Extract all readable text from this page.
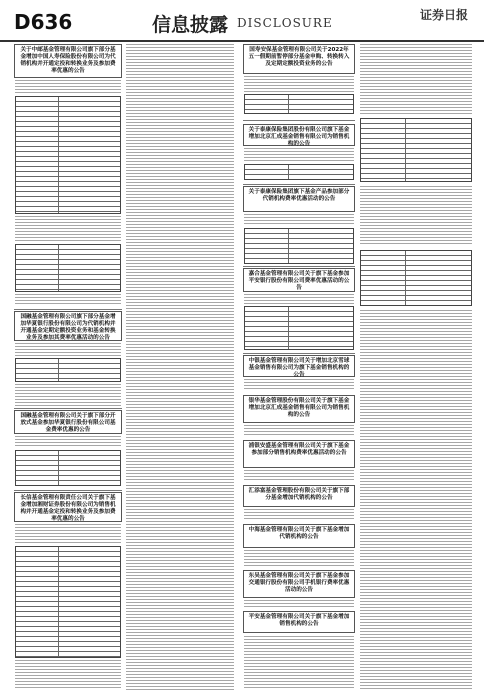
D636	信息披露 DISCLOSURE
证券日报
关于中邮基金管理有限公司旗下部分基金增加中国人寿保险股份有限公司为代销机构并开通定投和转换业务及参加费率优惠的公告
国融基金管理有限公司旗下部分基金增加华夏银行股份有限公司为代销机构并开通基金定期定额投资业务和基金转换业务及参加其费率优惠活动的公告
国融基金管理有限公司关于旗下部分开放式基金参加华夏银行股份有限公司基金费率优惠的公告
长信基金管理有限责任公司关于旗下基金增加湘财证券股份有限公司为销售机构并开通基金定投和转换业务及参加费率优惠的公告
国寿安保基金管理有限公司关于2022年五一假期前暂停部分基金申购、转换转入及定期定额投资业务的公告
关于泰康保险集团股份有限公司旗下基金增加北京汇成基金销售有限公司为销售机构的公告
关于泰康保险集团旗下基金产品参加部分代销机构费率优惠活动的公告
嘉合基金管理有限公司关于旗下基金参加平安银行股份有限公司费率优惠活动的公告
中银基金管理有限公司关于增加北京雪球基金销售有限公司为旗下基金销售机构的公告
银华基金管理股份有限公司关于旗下基金增加北京汇成基金销售有限公司为销售机构的公告
浦银安盛基金管理有限公司关于旗下基金参加部分销售机构费率优惠活动的公告
汇添富基金管理股份有限公司关于旗下部分基金增加代销机构的公告
中海基金管理有限公司关于旗下基金增加代销机构的公告
东吴基金管理有限公司关于旗下基金参加交通银行股份有限公司手机银行费率优惠活动的公告
平安基金管理有限公司关于旗下基金增加销售机构的公告
